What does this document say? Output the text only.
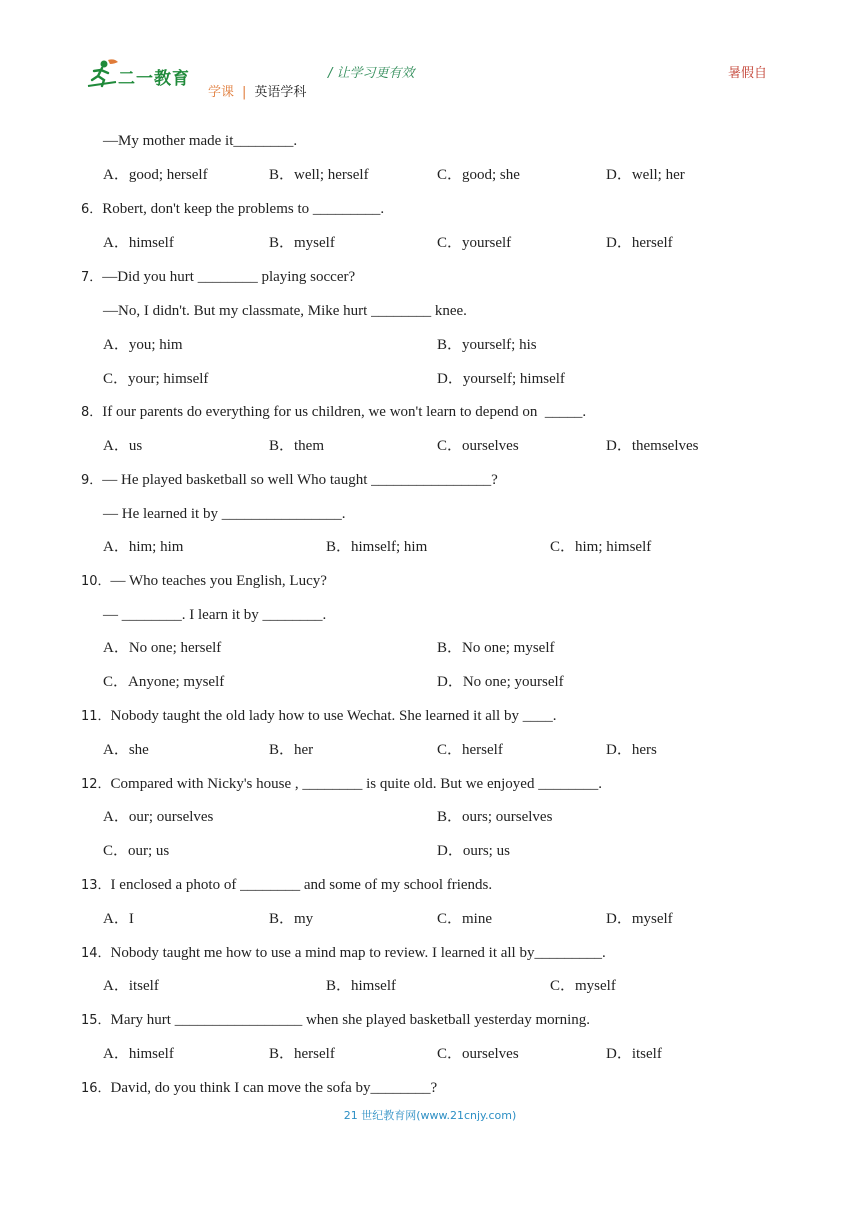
二一教育	/ 让学习更有效	暑假自
学课 | 英语学科
—My mother made it________.
A．good; herself	B．well; herself	C．good; she	D．well; her
6．Robert, don't keep the problems to _________.
A．himself	B．myself	C．yourself	D．herself
7．—Did you hurt ________ playing soccer?
—No, I didn't. But my classmate, Mike hurt ________ knee.
A．you; him	B．yourself; his
C．your; himself	D．yourself; himself
8．If our parents do everything for us children, we won't learn to depend on  _____.
A．us	B．them	C．ourselves	D．themselves
9．— He played basketball so well Who taught ________________?
— He learned it by ________________.
A．him; him	B．himself; him	C．him; himself
10．— Who teaches you English, Lucy?
— ________. I learn it by ________.
A．No one; herself	B．No one; myself
C．Anyone; myself	D．No one; yourself
11．Nobody taught the old lady how to use Wechat. She learned it all by ____.
A．she	B．her	C．herself	D．hers
12．Compared with Nicky's house , ________ is quite old. But we enjoyed ________.
A．our; ourselves	B．ours; ourselves
C．our; us	D．ours; us
13．I enclosed a photo of ________ and some of my school friends.
A．I	B．my	C．mine	D．myself
14．Nobody taught me how to use a mind map to review. I learned it all by_________.
A．itself	B．himself	C．myself
15．Mary hurt _________________ when she played basketball yesterday morning.
A．himself	B．herself	C．ourselves	D．itself
16．David, do you think I can move the sofa by________?
21 世纪教育网(www.21cnjy.com)
